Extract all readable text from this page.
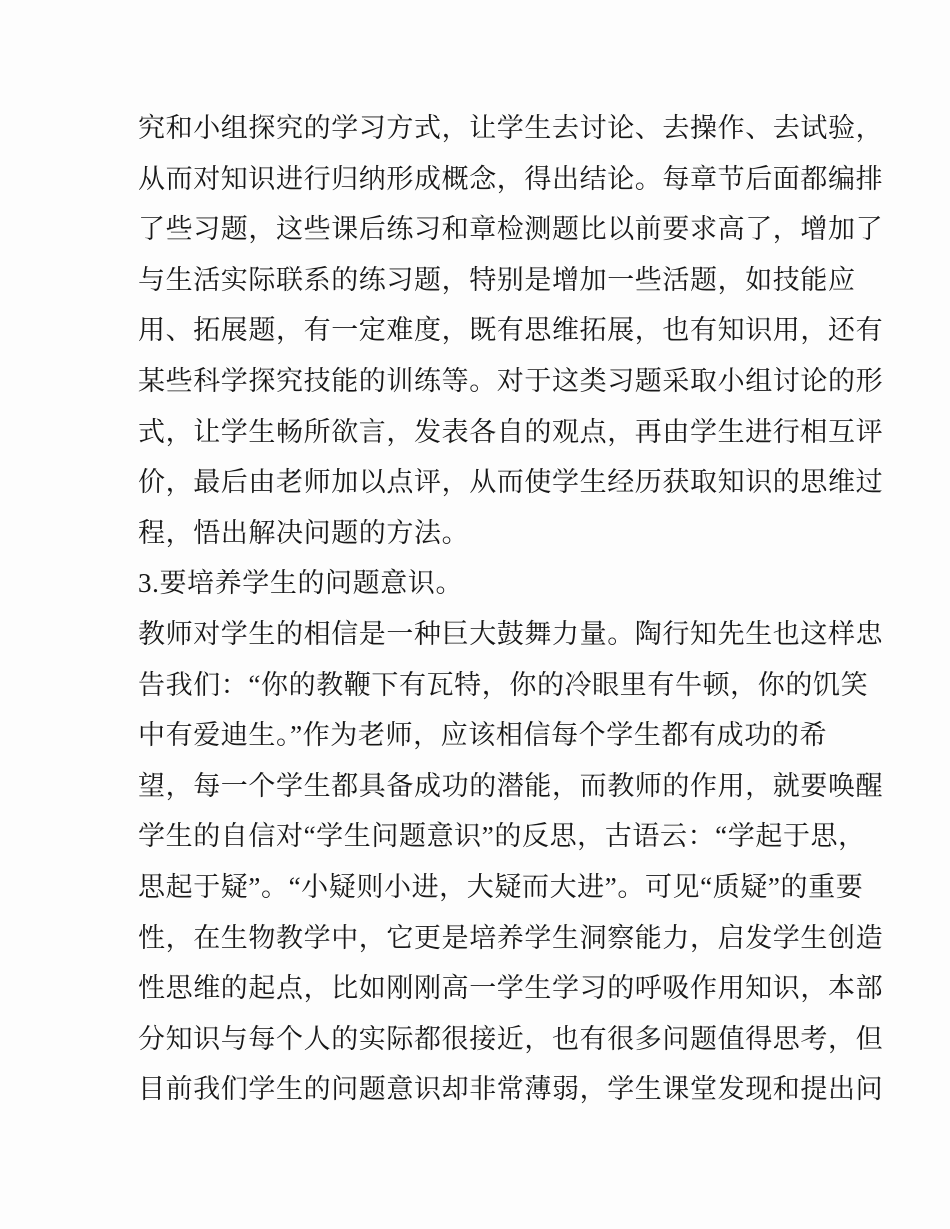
究和小组探究的学习方式，让学生去讨论、去操作、去试验，
从而对知识进行归纳形成概念，得出结论。每章节后面都编排
了些习题，这些课后练习和章检测题比以前要求高了，增加了
与生活实际联系的练习题，特别是增加一些活题，如技能应
用、拓展题，有一定难度，既有思维拓展，也有知识用，还有
某些科学探究技能的训练等。对于这类习题采取小组讨论的形
式，让学生畅所欲言，发表各自的观点，再由学生进行相互评
价，最后由老师加以点评，从而使学生经历获取知识的思维过
程，悟出解决问题的方法。
3.要培养学生的问题意识。
教师对学生的相信是一种巨大鼓舞力量。陶行知先生也这样忠
告我们：“你的教鞭下有瓦特，你的冷眼里有牛顿，你的饥笑
中有爱迪生。”作为老师，应该相信每个学生都有成功的希
望，每一个学生都具备成功的潜能，而教师的作用，就要唤醒
学生的自信对“学生问题意识”的反思，古语云：“学起于思，
思起于疑”。“小疑则小进，大疑而大进”。可见“质疑”的重要
性，在生物教学中，它更是培养学生洞察能力，启发学生创造
性思维的起点，比如刚刚高一学生学习的呼吸作用知识，本部
分知识与每个人的实际都很接近，也有很多问题值得思考，但
目前我们学生的问题意识却非常薄弱，学生课堂发现和提出问
